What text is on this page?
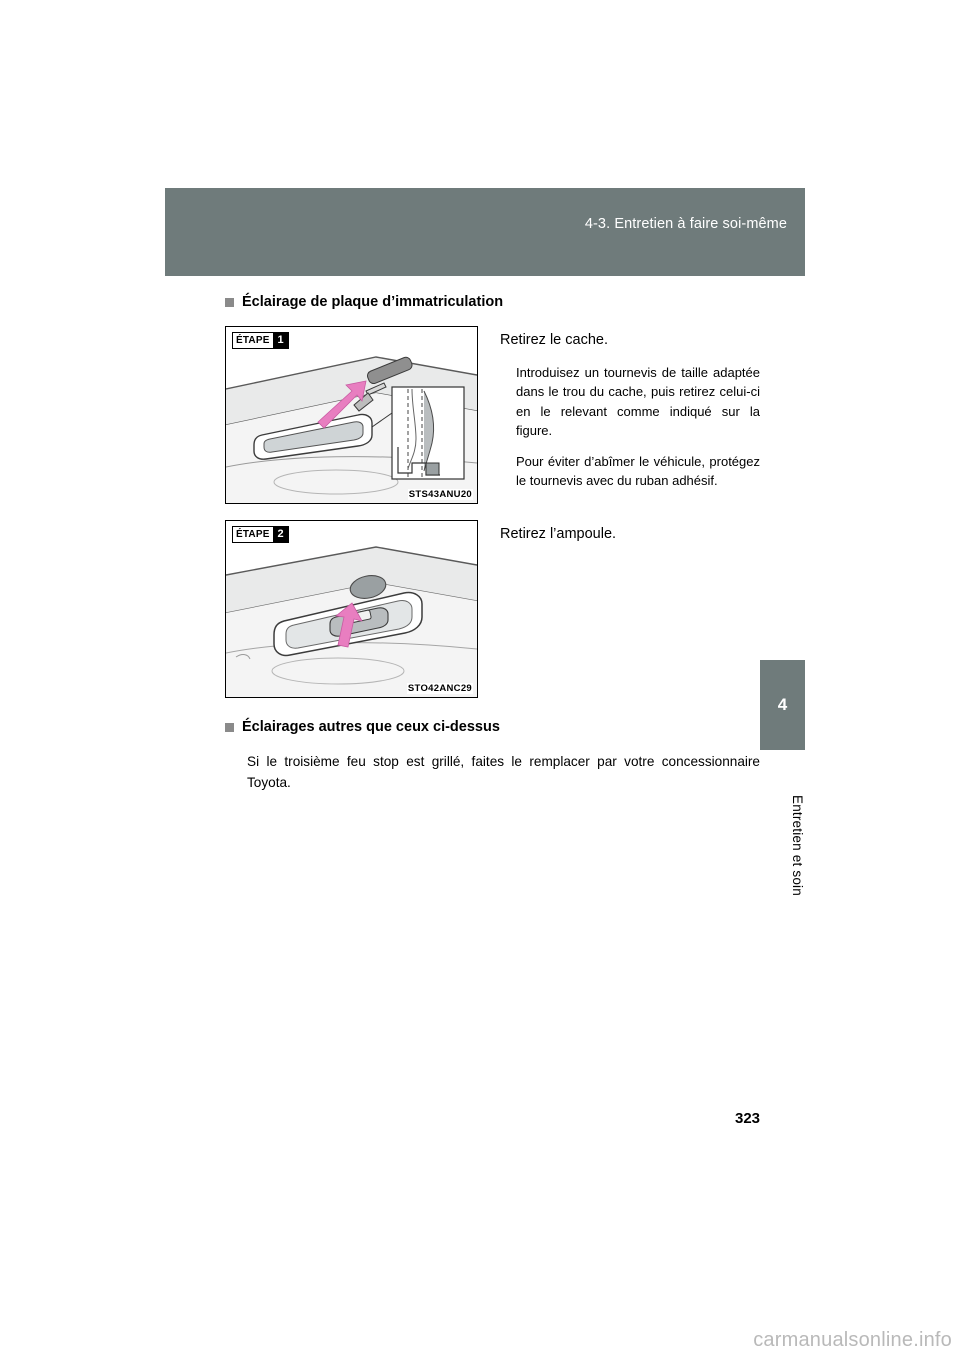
4-3. Entretien à faire soi-même
4
Entretien et soin
Éclairage de plaque d’immatriculation
ÉTAPE 1
STS43ANU20
Retirez le cache.
Introduisez un tournevis de taille adaptée dans le trou du cache, puis retirez celui-ci en le relevant comme indiqué sur la figure.
Pour éviter d’abîmer le véhicule, protégez le tournevis avec du ruban adhésif.
ÉTAPE 2
STO42ANC29
Retirez l’ampoule.
Éclairages autres que ceux ci-dessus
Si le troisième feu stop est grillé, faites le remplacer par votre concessionnaire Toyota.
323
carmanualsonline.info
